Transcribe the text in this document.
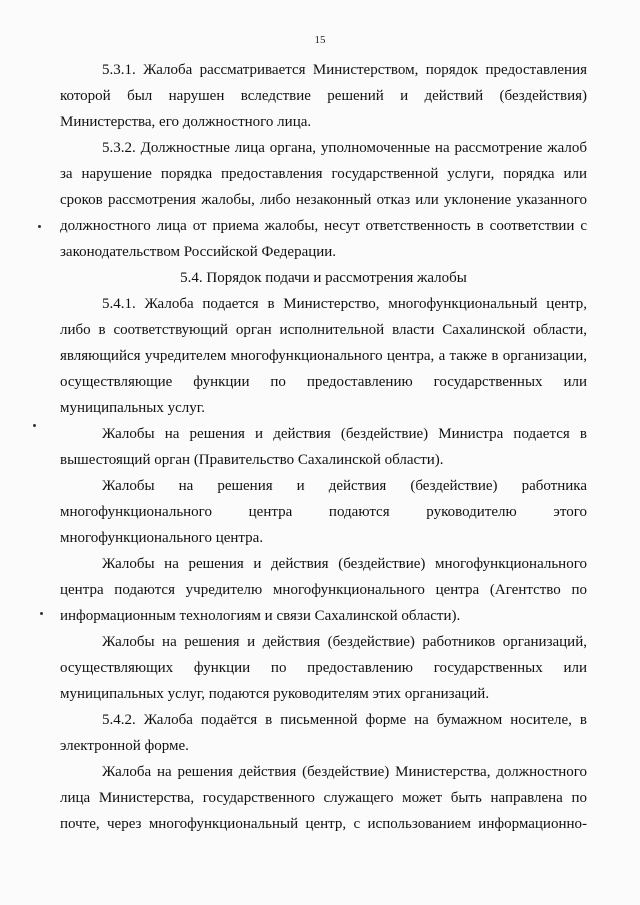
15
5.3.1. Жалоба рассматривается Министерством, порядок предоставления
которой был нарушен вследствие решений и действий (бездействия)
Министерства, его должностного лица.
5.3.2. Должностные лица органа, уполномоченные на рассмотрение жалоб
за нарушение порядка предоставления государственной услуги, порядка или
сроков рассмотрения жалобы, либо незаконный отказ или уклонение указанного
должностного лица от приема жалобы, несут ответственность в соответствии с
законодательством Российской Федерации.
5.4. Порядок подачи и рассмотрения жалобы
5.4.1. Жалоба подается в Министерство, многофункциональный центр,
либо в соответствующий орган исполнительной власти Сахалинской области,
являющийся учредителем многофункционального центра, а также в организации,
осуществляющие функции по предоставлению государственных или
муниципальных услуг.
Жалобы на решения и действия (бездействие) Министра подается в
вышестоящий орган (Правительство Сахалинской области).
Жалобы на решения и действия (бездействие) работника
многофункционального центра подаются руководителю этого
многофункционального центра.
Жалобы на решения и действия (бездействие) многофункционального
центра подаются учредителю многофункционального центра (Агентство по
информационным технологиям и связи Сахалинской области).
Жалобы на решения и действия (бездействие) работников организаций,
осуществляющих функции по предоставлению государственных или
муниципальных услуг, подаются руководителям этих организаций.
5.4.2. Жалоба подаётся в письменной форме на бумажном носителе, в
электронной форме.
Жалоба на решения действия (бездействие) Министерства, должностного
лица Министерства, государственного служащего может быть направлена по
почте, через многофункциональный центр, с использованием информационно-
